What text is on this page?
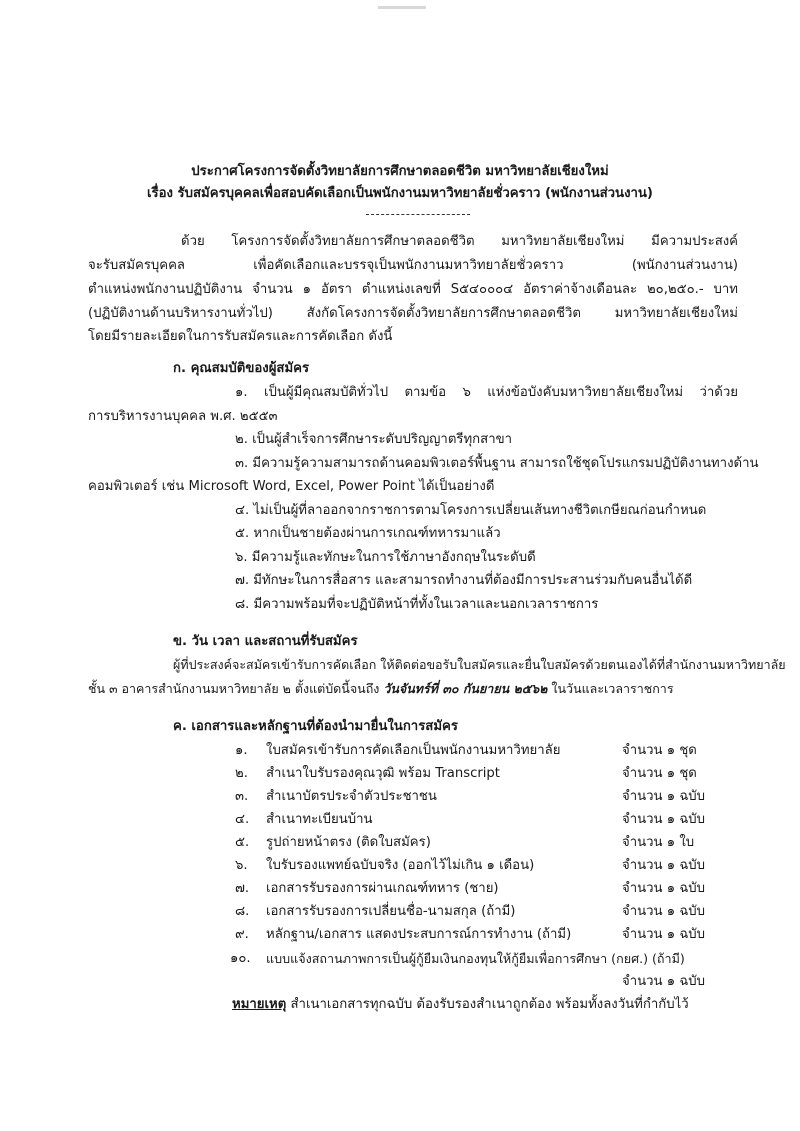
ประกาศโครงการจัดตั้งวิทยาลัยการศึกษาตลอดชีวิต มหาวิทยาลัยเชียงใหม่
เรื่อง รับสมัครบุคคลเพื่อสอบคัดเลือกเป็นพนักงานมหาวิทยาลัยชั่วคราว (พนักงานส่วนงาน)
ด้วย โครงการจัดตั้งวิทยาลัยการศึกษาตลอดชีวิต มหาวิทยาลัยเชียงใหม่ มีความประสงค์
จะรับสมัครบุคคล เพื่อคัดเลือกและบรรจุเป็นพนักงานมหาวิทยาลัยชั่วคราว (พนักงานส่วนงาน)
ตำแหน่งพนักงานปฏิบัติงาน จำนวน ๑ อัตรา ตำแหน่งเลขที่ S๕๔๐๐๐๔ อัตราค่าจ้างเดือนละ ๒๐,๒๕๐.- บาท
(ปฏิบัติงานด้านบริหารงานทั่วไป) สังกัดโครงการจัดตั้งวิทยาลัยการศึกษาตลอดชีวิต มหาวิทยาลัยเชียงใหม่
โดยมีรายละเอียดในการรับสมัครและการคัดเลือก ดังนี้
ก. คุณสมบัติของผู้สมัคร
๑. เป็นผู้มีคุณสมบัติทั่วไป ตามข้อ ๖ แห่งข้อบังคับมหาวิทยาลัยเชียงใหม่ ว่าด้วย
การบริหารงานบุคคล พ.ศ. ๒๕๕๓
๒. เป็นผู้สำเร็จการศึกษาระดับปริญญาตรีทุกสาขา
๓. มีความรู้ความสามารถด้านคอมพิวเตอร์พื้นฐาน สามารถใช้ชุดโปรแกรมปฏิบัติงานทางด้าน
คอมพิวเตอร์ เช่น Microsoft Word, Excel, Power Point ได้เป็นอย่างดี
๔. ไม่เป็นผู้ที่ลาออกจากราชการตามโครงการเปลี่ยนเส้นทางชีวิตเกษียณก่อนกำหนด
๕. หากเป็นชายต้องผ่านการเกณฑ์ทหารมาแล้ว
๖. มีความรู้และทักษะในการใช้ภาษาอังกฤษในระดับดี
๗. มีทักษะในการสื่อสาร และสามารถทำงานที่ต้องมีการประสานร่วมกับคนอื่นได้ดี
๘. มีความพร้อมที่จะปฏิบัติหน้าที่ทั้งในเวลาและนอกเวลาราชการ
ข. วัน เวลา และสถานที่รับสมัคร
ผู้ที่ประสงค์จะสมัครเข้ารับการคัดเลือก ให้ติดต่อขอรับใบสมัครและยื่นใบสมัครด้วยตนเองได้ที่สำนักงานมหาวิทยาลัย
ชั้น ๓ อาคารสำนักงานมหาวิทยาลัย ๒ ตั้งแต่บัดนี้จนถึง วันจันทร์ที่ ๓๐ กันยายน ๒๕๖๒ ในวันและเวลาราชการ
ค. เอกสารและหลักฐานที่ต้องนำมายื่นในการสมัคร
๑. ใบสมัครเข้ารับการคัดเลือกเป็นพนักงานมหาวิทยาลัย	จำนวน ๑ ชุด
๒. สำเนาใบรับรองคุณวุฒิ พร้อม Transcript	จำนวน ๑ ชุด
๓. สำเนาบัตรประจำตัวประชาชน	จำนวน ๑ ฉบับ
๔. สำเนาทะเบียนบ้าน	จำนวน ๑ ฉบับ
๕. รูปถ่ายหน้าตรง (ติดใบสมัคร)	จำนวน ๑ ใบ
๖. ใบรับรองแพทย์ฉบับจริง (ออกไว้ไม่เกิน ๑ เดือน)	จำนวน ๑ ฉบับ
๗. เอกสารรับรองการผ่านเกณฑ์ทหาร (ชาย)	จำนวน ๑ ฉบับ
๘. เอกสารรับรองการเปลี่ยนชื่อ-นามสกุล (ถ้ามี)	จำนวน ๑ ฉบับ
๙. หลักฐาน/เอกสาร แสดงประสบการณ์การทำงาน (ถ้ามี)	จำนวน ๑ ฉบับ
๑๐. แบบแจ้งสถานภาพการเป็นผู้กู้ยืมเงินกองทุนให้กู้ยืมเพื่อการศึกษา (กยศ.) (ถ้ามี)
จำนวน ๑ ฉบับ
หมายเหตุ สำเนาเอกสารทุกฉบับ ต้องรับรองสำเนาถูกต้อง พร้อมทั้งลงวันที่กำกับไว้
